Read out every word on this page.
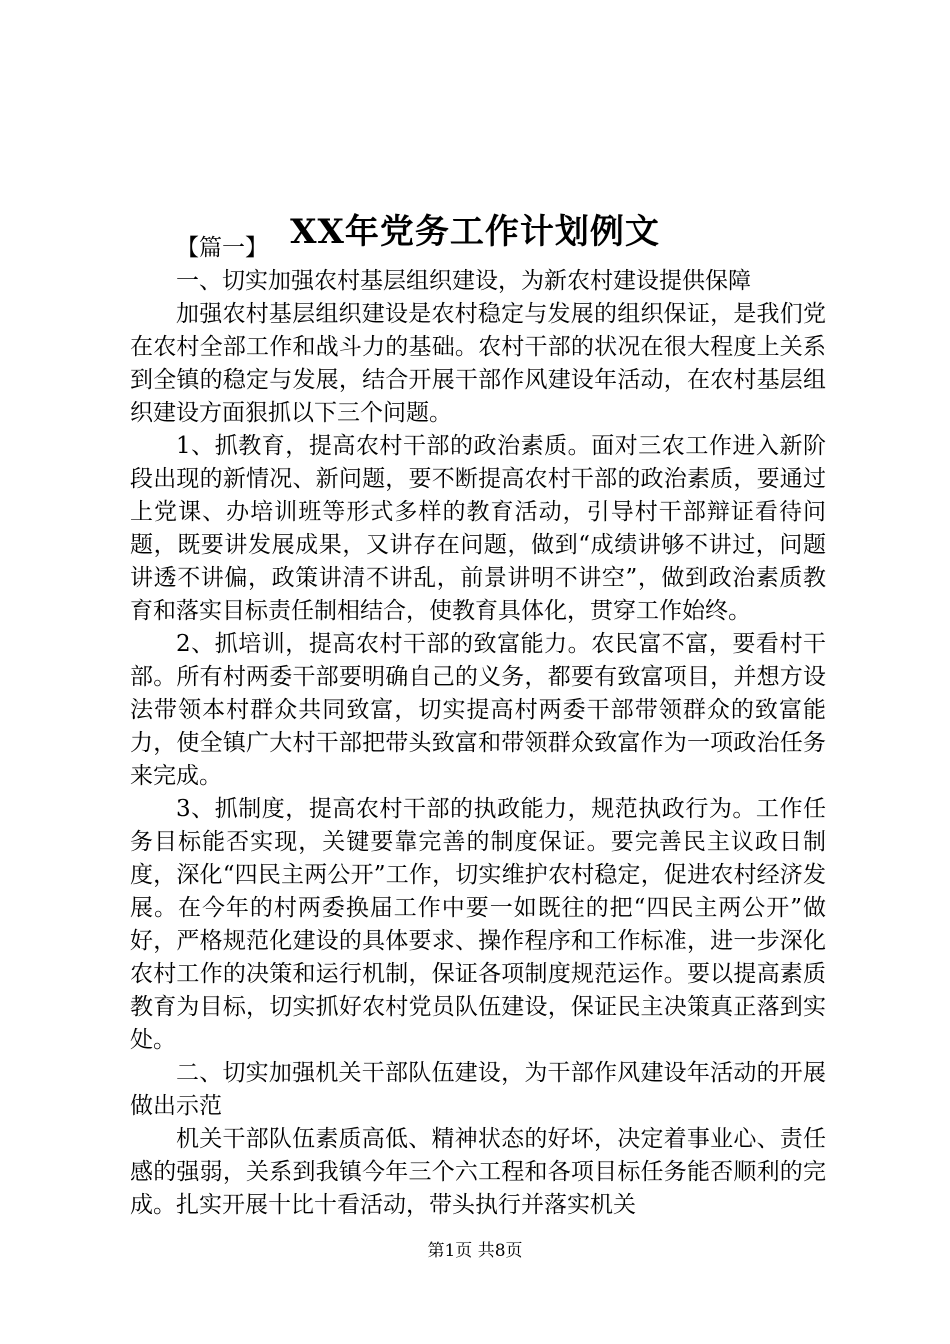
XX年党务工作计划例文

【篇一】

一、切实加强农村基层组织建设，为新农村建设提供保障

加强农村基层组织建设是农村稳定与发展的组织保证，是我们党在农村全部工作和战斗力的基础。农村干部的状况在很大程度上关系到全镇的稳定与发展，结合开展干部作风建设年活动，在农村基层组织建设方面狠抓以下三个问题。

1、抓教育，提高农村干部的政治素质。面对三农工作进入新阶段出现的新情况、新问题，要不断提高农村干部的政治素质，要通过上党课、办培训班等形式多样的教育活动，引导村干部辩证看待问题，既要讲发展成果，又讲存在问题，做到“成绩讲够不讲过，问题讲透不讲偏，政策讲清不讲乱，前景讲明不讲空”，做到政治素质教育和落实目标责任制相结合，使教育具体化，贯穿工作始终。

2、抓培训，提高农村干部的致富能力。农民富不富，要看村干部。所有村两委干部要明确自己的义务，都要有致富项目，并想方设法带领本村群众共同致富，切实提高村两委干部带领群众的致富能力，使全镇广大村干部把带头致富和带领群众致富作为一项政治任务来完成。

3、抓制度，提高农村干部的执政能力，规范执政行为。工作任务目标能否实现，关键要靠完善的制度保证。要完善民主议政日制度，深化“四民主两公开”工作，切实维护农村稳定，促进农村经济发展。在今年的村两委换届工作中要一如既往的把“四民主两公开”做好，严格规范化建设的具体要求、操作程序和工作标准，进一步深化农村工作的决策和运行机制，保证各项制度规范运作。要以提高素质教育为目标，切实抓好农村党员队伍建设，保证民主决策真正落到实处。

二、切实加强机关干部队伍建设，为干部作风建设年活动的开展做出示范

机关干部队伍素质高低、精神状态的好坏，决定着事业心、责任感的强弱，关系到我镇今年三个六工程和各项目标任务能否顺利的完成。扎实开展十比十看活动，带头执行并落实机关

第1页 共8页
